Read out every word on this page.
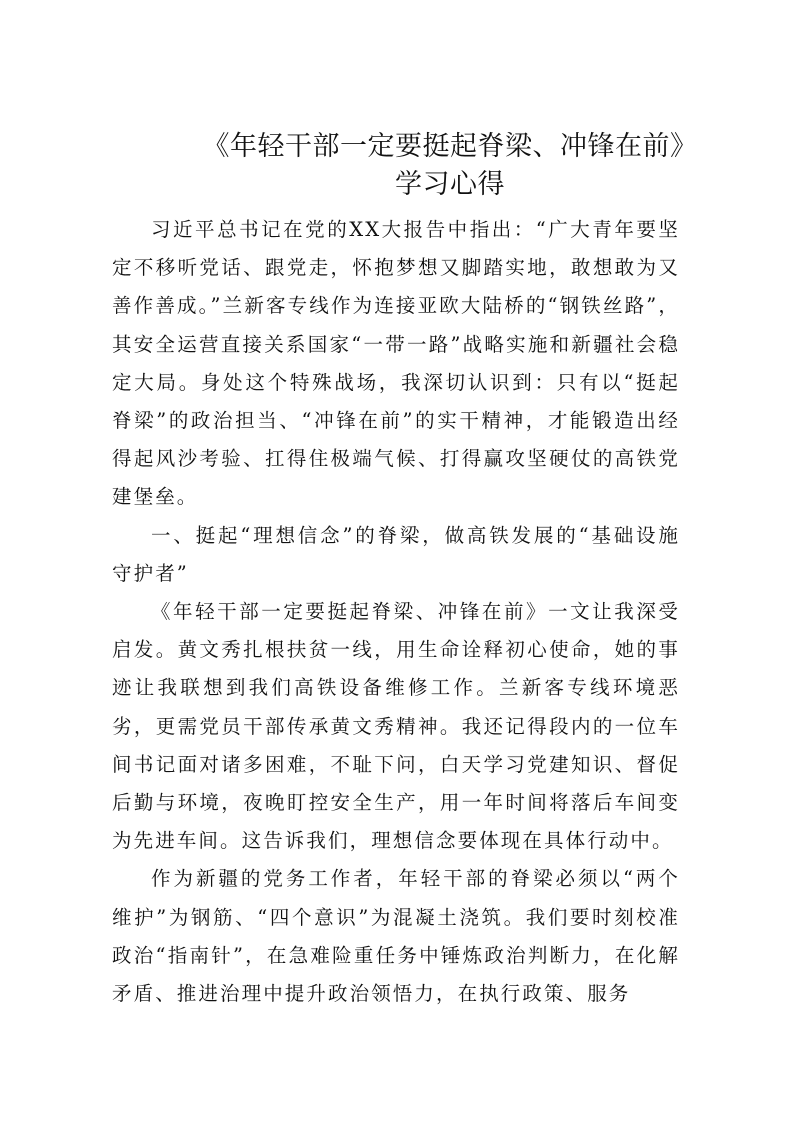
《年轻干部一定要挺起脊梁、冲锋在前》
学习心得

习近平总书记在党的XX大报告中指出：“广大青年要坚定不移听党话、跟党走，怀抱梦想又脚踏实地，敢想敢为又善作善成。”兰新客专线作为连接亚欧大陆桥的“钢铁丝路”，其安全运营直接关系国家“一带一路”战略实施和新疆社会稳定大局。身处这个特殊战场，我深切认识到：只有以“挺起脊梁”的政治担当、“冲锋在前”的实干精神，才能锻造出经得起风沙考验、扛得住极端气候、打得赢攻坚硬仗的高铁党建堡垒。

一、挺起“理想信念”的脊梁，做高铁发展的“基础设施守护者”

《年轻干部一定要挺起脊梁、冲锋在前》一文让我深受启发。黄文秀扎根扶贫一线，用生命诠释初心使命，她的事迹让我联想到我们高铁设备维修工作。兰新客专线环境恶劣，更需党员干部传承黄文秀精神。我还记得段内的一位车间书记面对诸多困难，不耻下问，白天学习党建知识、督促后勤与环境，夜晚盯控安全生产，用一年时间将落后车间变为先进车间。这告诉我们，理想信念要体现在具体行动中。

作为新疆的党务工作者，年轻干部的脊梁必须以“两个维护”为钢筋、“四个意识”为混凝土浇筑。我们要时刻校准政治“指南针”，在急难险重任务中锤炼政治判断力，在化解矛盾、推进治理中提升政治领悟力，在执行政策、服务
